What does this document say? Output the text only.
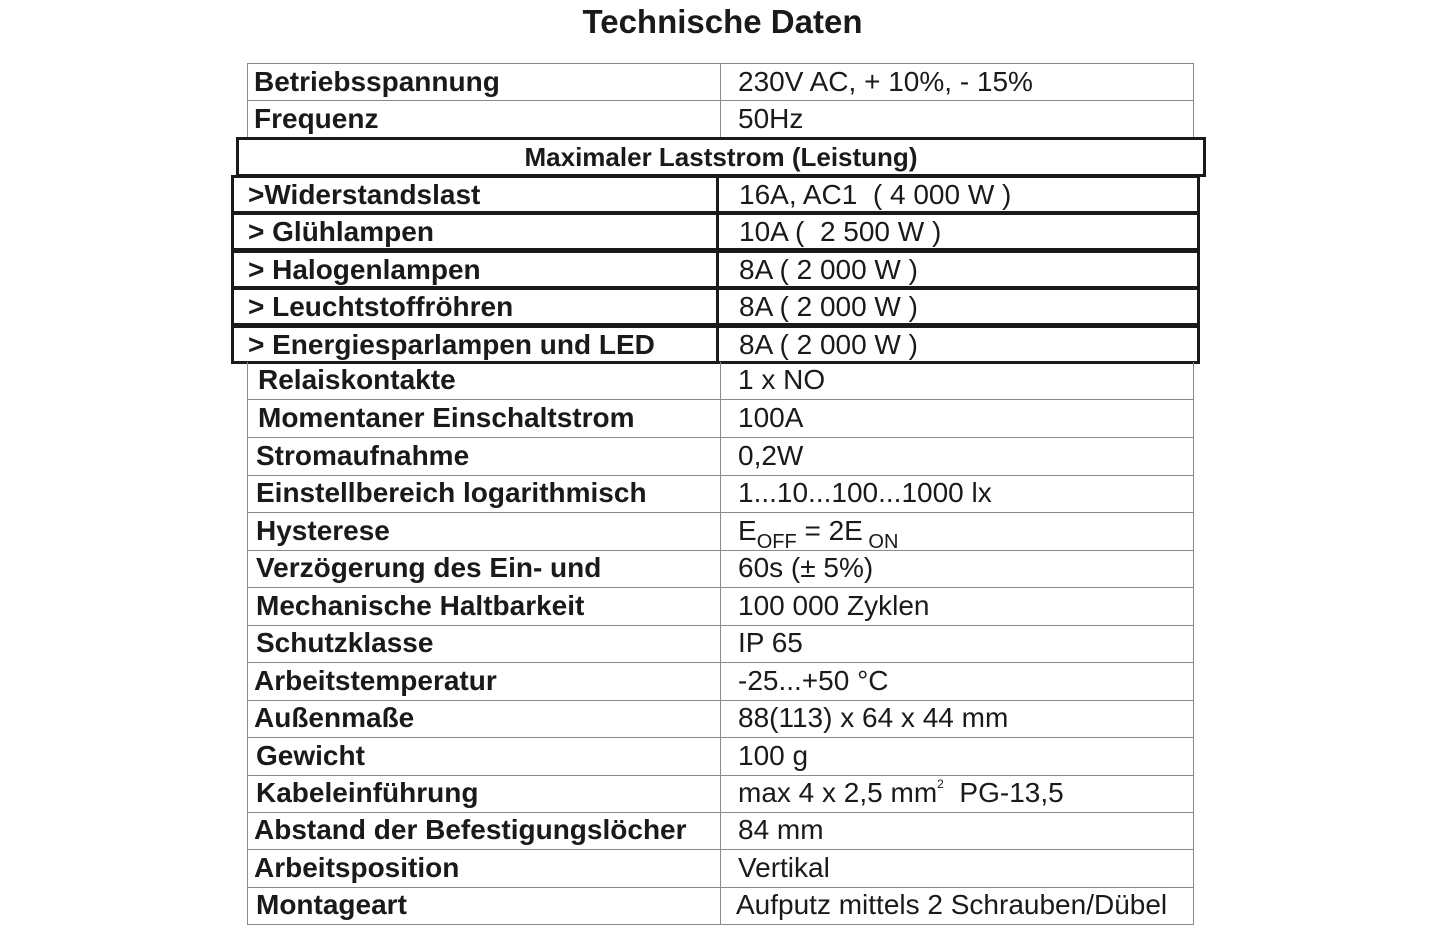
Technische Daten
Betriebsspannung	230V AC, + 10%, - 15%
Frequenz	50Hz
Maximaler Laststrom (Leistung)
>Widerstandslast	16A, AC1  ( 4 000 W )
> Glühlampen	10A (  2 500 W )
> Halogenlampen	8A ( 2 000 W )
> Leuchtstoffröhren	8A ( 2 000 W )
> Energiesparlampen und LED	8A ( 2 000 W )
Relaiskontakte	1 x NO
Momentaner Einschaltstrom	100A
Stromaufnahme	0,2W
Einstellbereich logarithmisch	1...10...100...1000 lx
Hysterese	$E_{OFF} = 2E$ $_{ON}$
Verzögerung des Ein- und	60s (± 5%)
Mechanische Haltbarkeit	100 000 Zyklen
Schutzklasse	IP 65
Arbeitstemperatur	-25...+50 °C
Außenmaße	88(113) x 64 x 44 mm
Gewicht	100 g
Kabeleinführung	max 4 x 2,5 $mm^2$  PG-13,5
Abstand der Befestigungslöcher 84 mm
Arbeitsposition	Vertikal
Montageart	Aufputz mittels 2 Schrauben/Dübel
